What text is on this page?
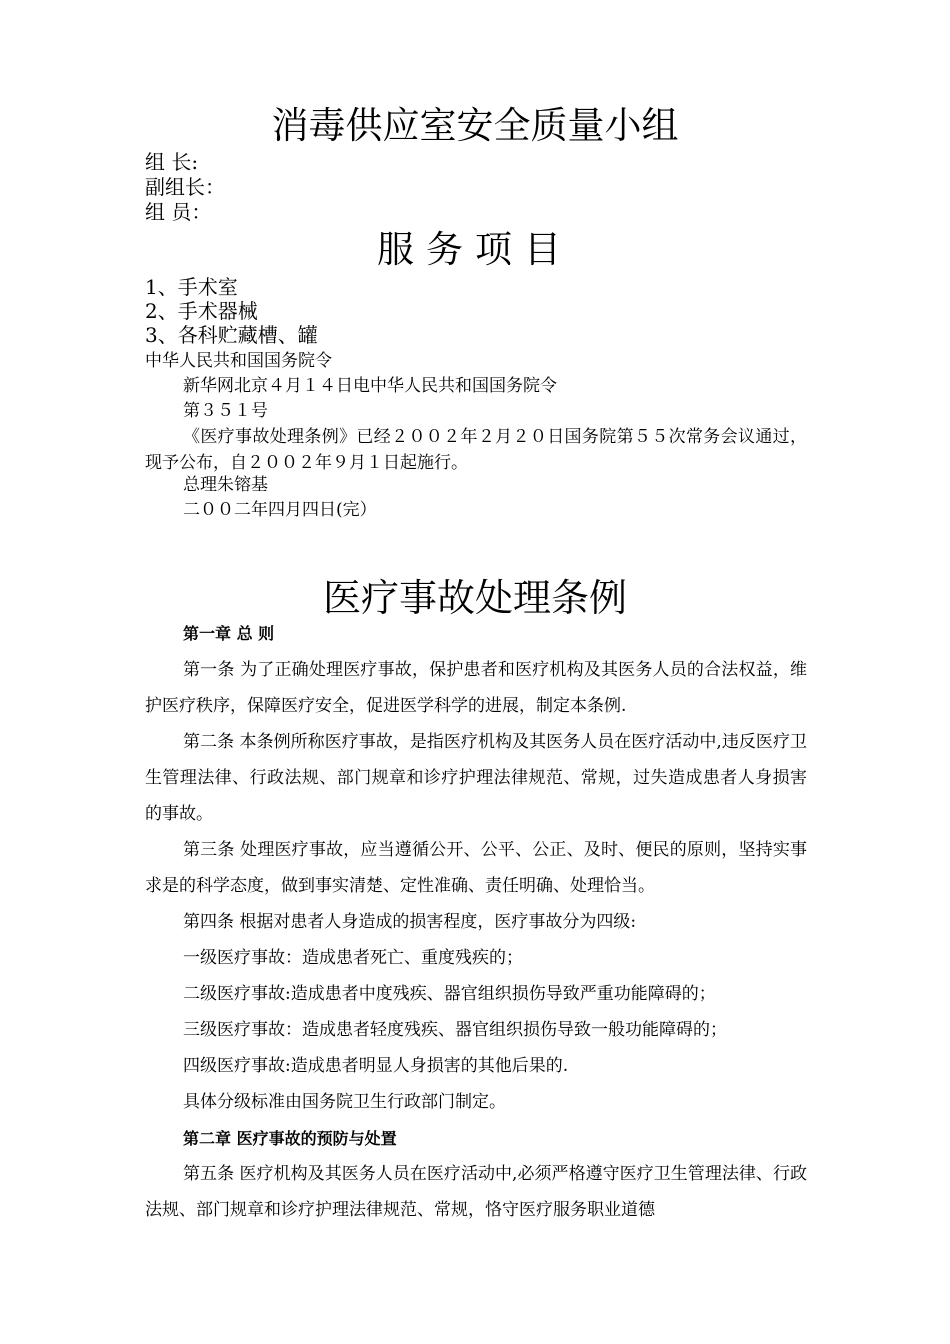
消毒供应室安全质量小组
组 长:
副组长：
组 员：
服务项目
1、手术室
2、手术器械
3、各科贮藏槽、罐
中华人民共和国国务院令
新华网北京４月１４日电中华人民共和国国务院令
第３５１号
《医疗事故处理条例》已经２００２年２月２０日国务院第５５次常务会议通过，现予公布，自２００２年９月１日起施行。
总理朱镕基
二００二年四月四日(完）
医疗事故处理条例
第一章 总 则
第一条 为了正确处理医疗事故，保护患者和医疗机构及其医务人员的合法权益，维护医疗秩序，保障医疗安全，促进医学科学的进展，制定本条例.
第二条 本条例所称医疗事故，是指医疗机构及其医务人员在医疗活动中,违反医疗卫生管理法律、行政法规、部门规章和诊疗护理法律规范、常规，过失造成患者人身损害的事故。
第三条 处理医疗事故，应当遵循公开、公平、公正、及时、便民的原则，坚持实事求是的科学态度，做到事实清楚、定性准确、责任明确、处理恰当。
第四条 根据对患者人身造成的损害程度，医疗事故分为四级:
一级医疗事故：造成患者死亡、重度残疾的；
二级医疗事故:造成患者中度残疾、器官组织损伤导致严重功能障碍的；
三级医疗事故：造成患者轻度残疾、器官组织损伤导致一般功能障碍的；
四级医疗事故:造成患者明显人身损害的其他后果的.
具体分级标准由国务院卫生行政部门制定。
第二章 医疗事故的预防与处置
第五条 医疗机构及其医务人员在医疗活动中,必须严格遵守医疗卫生管理法律、行政法规、部门规章和诊疗护理法律规范、常规，恪守医疗服务职业道德
